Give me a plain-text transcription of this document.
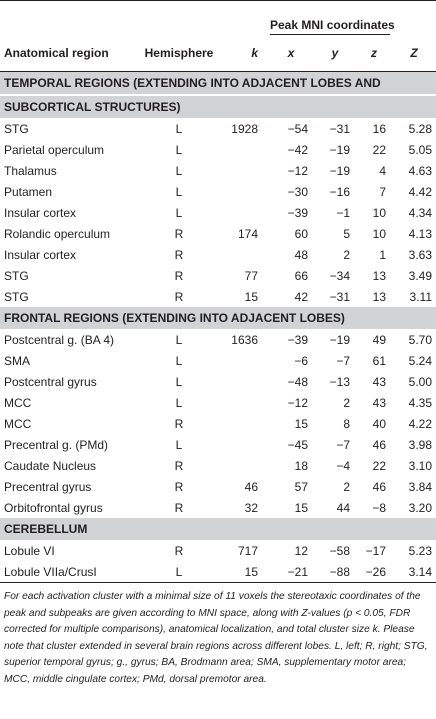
			Peak MNI coordinates			

Anatomical region	Hemisphere	k	x	y	z	Z
TEMPORAL REGIONS (EXTENDING INTO ADJACENT LOBES AND						
SUBCORTICAL STRUCTURES)						
STG	L	1928	−54	−31	16	5.28
Parietal operculum	L		−42	−19	22	5.05
Thalamus	L		−12	−19	4	4.63
Putamen	L		−30	−16	7	4.42
Insular cortex	L		−39	−1	10	4.34
Rolandic operculum	R	174	60	5	10	4.13
Insular cortex	R		48	2	1	3.63
STG	R	77	66	−34	13	3.49
STG	R	15	42	−31	13	3.11
FRONTAL REGIONS (EXTENDING INTO ADJACENT LOBES)						
Postcentral g. (BA 4)	L	1636	−39	−19	49	5.70
SMA	L		−6	−7	61	5.24
Postcentral gyrus	L		−48	−13	43	5.00
MCC	L		−12	2	43	4.35
MCC	R		15	8	40	4.22
Precentral g. (PMd)	L		−45	−7	46	3.98
Caudate Nucleus	R		18	−4	22	3.10
Precentral gyrus	R	46	57	2	46	3.84
Orbitofrontal gyrus	R	32	15	44	−8	3.20
CEREBELLUM						
Lobule VI	R	717	12	−58	−17	5.23
Lobule VIIa/CrusI	L	15	−21	−88	−26	3.14
For each activation cluster with a minimal size of 11 voxels the stereotaxic coordinates of the peak and subpeaks are given according to MNI space, along with Z-values (p < 0.05, FDR corrected for multiple comparisons), anatomical localization, and total cluster size k. Please note that cluster extended in several brain regions across different lobes. L, left; R, right; STG, superior temporal gyrus; g., gyrus; BA, Brodmann area; SMA, supplementary motor area; MCC, middle cingulate cortex; PMd, dorsal premotor area.
